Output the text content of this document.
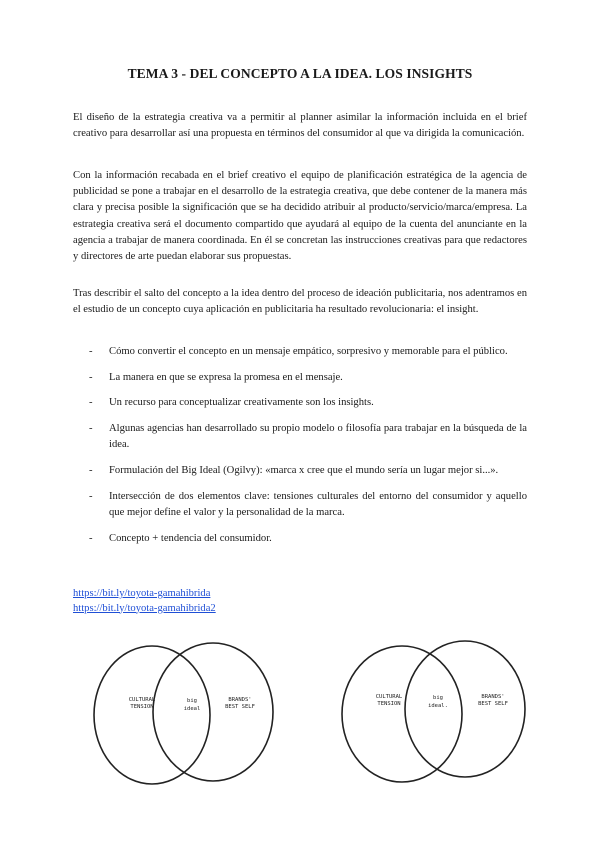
TEMA 3 - DEL CONCEPTO A LA IDEA. LOS INSIGHTS

El diseño de la estrategia creativa va a permitir al planner asimilar la información incluida en el brief creativo para desarrollar así una propuesta en términos del consumidor al que va dirigida la comunicación.

Con la información recabada en el brief creativo el equipo de planificación estratégica de la agencia de publicidad se pone a trabajar en el desarrollo de la estrategia creativa, que debe contener de la manera más clara y precisa posible la significación que se ha decidido atribuir al producto/servicio/marca/empresa. La estrategia creativa será el documento compartido que ayudará al equipo de la cuenta del anunciante en la agencia a trabajar de manera coordinada. En él se concretan las instrucciones creativas para que redactores y directores de arte puedan elaborar sus propuestas.

Tras describir el salto del concepto a la idea dentro del proceso de ideación publicitaria, nos adentramos en el estudio de un concepto cuya aplicación en publicitaria ha resultado revolucionaria: el insight.

- Cómo convertir el concepto en un mensaje empático, sorpresivo y memorable para el público.
- La manera en que se expresa la promesa en el mensaje.
- Un recurso para conceptualizar creativamente son los insights.
- Algunas agencias han desarrollado su propio modelo o filosofía para trabajar en la búsqueda de la idea.
- Formulación del Big Ideal (Ogilvy): «marca x cree que el mundo sería un lugar mejor si...».
- Intersección de dos elementos clave: tensiones culturales del entorno del consumidor y aquello que mejor define el valor y la personalidad de la marca.
- Concepto + tendencia del consumidor.
https://bit.ly/toyota-gamahibrida
https://bit.ly/toyota-gamahibrida2
CULTURAL
TENSION
big
ideal
BRANDS'
BEST SELF
CULTURAL
TENSION
big
ideal.
BRANDS'
BEST SELF
